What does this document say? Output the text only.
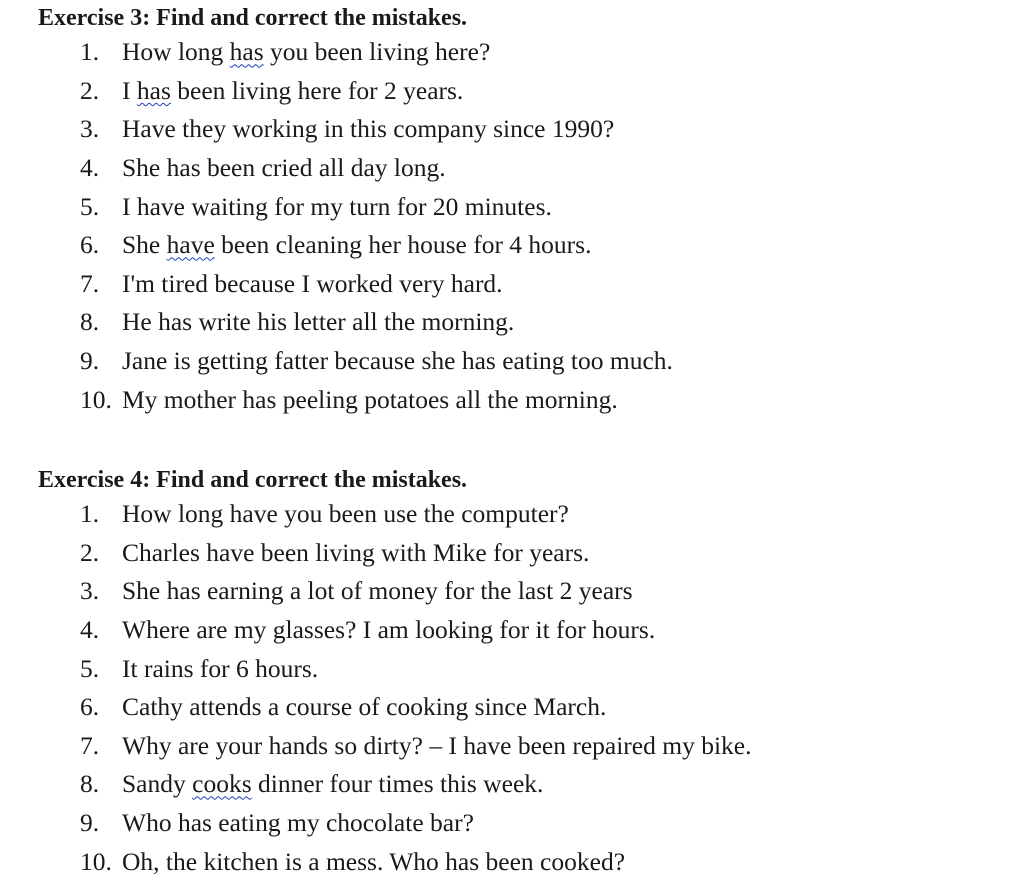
Exercise 3: Find and correct the mistakes.

1. How long has you been living here?
2. I has been living here for 2 years.
3. Have they working in this company since 1990?
4. She has been cried all day long.
5. I have waiting for my turn for 20 minutes.
6. She have been cleaning her house for 4 hours.
7. I'm tired because I worked very hard.
8. He has write his letter all the morning.
9. Jane is getting fatter because she has eating too much.
10. My mother has peeling potatoes all the morning.

Exercise 4: Find and correct the mistakes.

1. How long have you been use the computer?
2. Charles have been living with Mike for years.
3. She has earning a lot of money for the last 2 years
4. Where are my glasses? I am looking for it for hours.
5. It rains for 6 hours.
6. Cathy attends a course of cooking since March.
7. Why are your hands so dirty? – I have been repaired my bike.
8. Sandy cooks dinner four times this week.
9. Who has eating my chocolate bar?
10. Oh, the kitchen is a mess. Who has been cooked?
